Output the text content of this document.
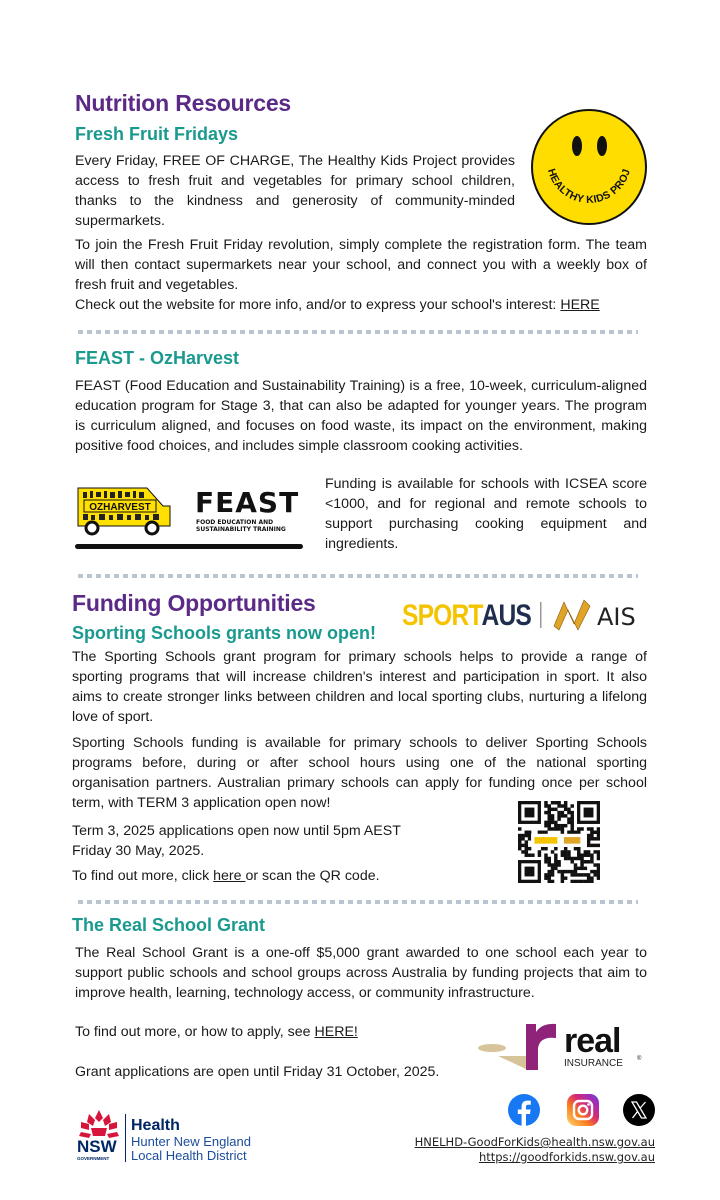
Nutrition Resources
Fresh Fruit Fridays
Every Friday, FREE OF CHARGE, The Healthy Kids Project provides access to fresh fruit and vegetables for primary school children, thanks to the kindness and generosity of community-minded supermarkets.
HEALTHY KIDS PROJ
To join the Fresh Fruit Friday revolution, simply complete the registration form. The team will then contact supermarkets near your school, and connect you with a weekly box of fresh fruit and vegetables.
Check out the website for more info, and/or to express your school's interest: HERE
FEAST - OzHarvest
FEAST (Food Education and Sustainability Training) is a free, 10-week, curriculum-aligned education program for Stage 3, that can also be adapted for younger years. The program is curriculum aligned, and focuses on food waste, its impact on the environment, making positive food choices, and includes simple classroom cooking activities.
OZHARVEST FEAST
FOOD EDUCATION AND
SUSTAINABILITY TRAINING
Funding is available for schools with ICSEA score <1000, and for regional and remote schools to support purchasing cooking equipment and ingredients.
Funding Opportunities
Sporting Schools grants now open!
SPORT
AUS	AIS
The Sporting Schools grant program for primary schools helps to provide a range of sporting programs that will increase children's interest and participation in sport. It also aims to create stronger links between children and local sporting clubs, nurturing a lifelong love of sport.
Sporting Schools funding is available for primary schools to deliver Sporting Schools programs before, during or after school hours using one of the national sporting organisation partners. Australian primary schools can apply for funding once per school term, with TERM 3 application open now!
Term 3, 2025 applications open now until 5pm AEST
Friday 30 May, 2025.
To find out more, click here or scan the QR code.
The Real School Grant
The Real School Grant is a one-off $5,000 grant awarded to one school each year to support public schools and school groups across Australia by funding projects that aim to improve health, learning, technology access, or community infrastructure.
To find out more, or how to apply, see HERE!
Grant applications are open until Friday 31 October, 2025.
real
INSURANCE ®
NSW
GOVERNMENT
Health
Hunter New England
Local Health District
HNELHD-GoodForKids@health.nsw.gov.au
https://goodforkids.nsw.gov.au
